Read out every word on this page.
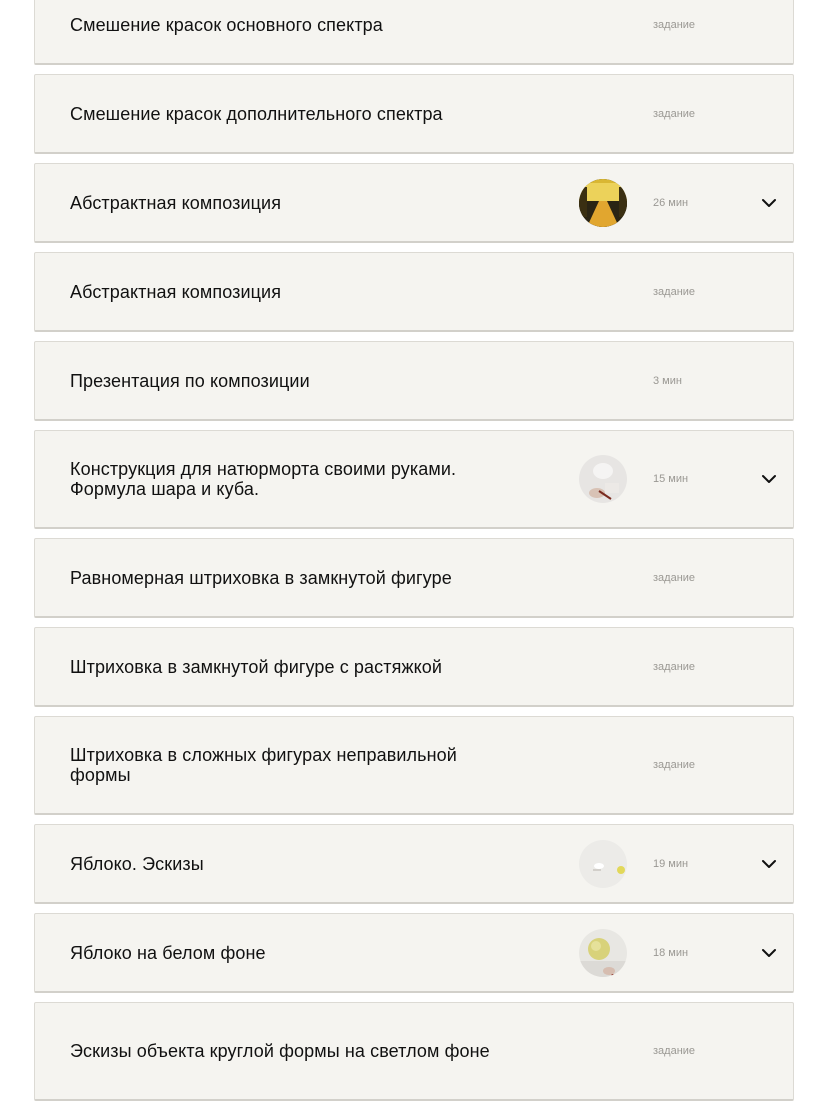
Смешение красок основного спектра	задание
Смешение красок дополнительного спектра	задание
Абстрактная композиция	26 мин
Абстрактная композиция	задание
Презентация по композиции	3 мин
Конструкция для натюрморта своими руками. Формула шара и куба.	15 мин
Равномерная штриховка в замкнутой фигуре	задание
Штриховка в замкнутой фигуре с растяжкой	задание
Штриховка в сложных фигурах неправильной формы	задание
Яблоко. Эскизы	19 мин
Яблоко на белом фоне	18 мин
Эскизы объекта круглой формы на светлом фоне	задание
